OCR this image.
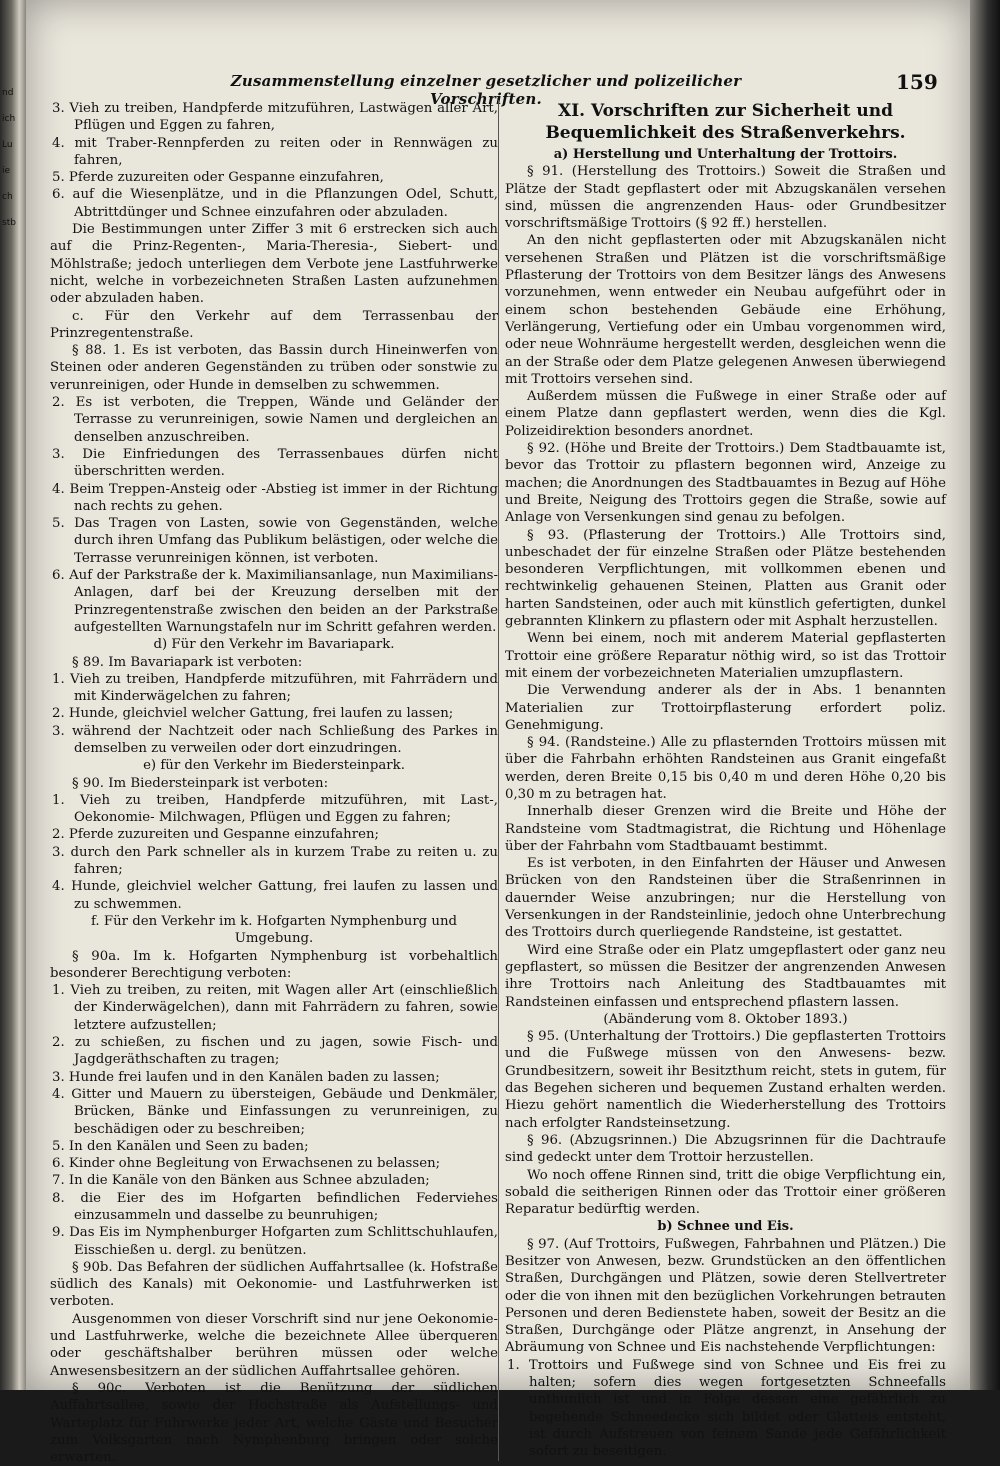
nd
ich
Lu
ie
ch
stb
Zusammenstellung einzelner gesetzlicher und polizeilicher Vorschriften.
159

3. Vieh zu treiben, Handpferde mitzuführen, Lastwägen aller Art, Pflügen und Eggen zu fahren,

4. mit Traber-Rennpferden zu reiten oder in Rennwägen zu fahren,

5. Pferde zuzureiten oder Gespanne einzufahren,

6. auf die Wiesenplätze, und in die Pflanzungen Odel, Schutt, Abtrittdünger und Schnee einzufahren oder abzuladen.

Die Bestimmungen unter Ziffer 3 mit 6 erstrecken sich auch auf die Prinz-Regenten-, Maria-Theresia-, Siebert- und Möhlstraße; jedoch unterliegen dem Verbote jene Lastfuhrwerke nicht, welche in vorbezeichneten Straßen Lasten aufzunehmen oder abzuladen haben.

c. Für den Verkehr auf dem Terrassenbau der Prinzregentenstraße.

§ 88. 1. Es ist verboten, das Bassin durch Hineinwerfen von Steinen oder anderen Gegenständen zu trüben oder sonstwie zu verunreinigen, oder Hunde in demselben zu schwemmen.

2. Es ist verboten, die Treppen, Wände und Geländer der Terrasse zu verunreinigen, sowie Namen und dergleichen an denselben anzuschreiben.

3. Die Einfriedungen des Terrassenbaues dürfen nicht überschritten werden.

4. Beim Treppen-Ansteig oder -Abstieg ist immer in der Richtung nach rechts zu gehen.

5. Das Tragen von Lasten, sowie von Gegenständen, welche durch ihren Umfang das Publikum belästigen, oder welche die Terrasse verunreinigen können, ist verboten.

6. Auf der Parkstraße der k. Maximiliansanlage, nun Maximilians-Anlagen, darf bei der Kreuzung derselben mit der Prinzregentenstraße zwischen den beiden an der Parkstraße aufgestellten Warnungstafeln nur im Schritt gefahren werden.

d) Für den Verkehr im Bavariapark.

§ 89. Im Bavariapark ist verboten:

1. Vieh zu treiben, Handpferde mitzuführen, mit Fahrrädern und mit Kinderwägelchen zu fahren;

2. Hunde, gleichviel welcher Gattung, frei laufen zu lassen;

3. während der Nachtzeit oder nach Schließung des Parkes in demselben zu verweilen oder dort einzudringen.

e) für den Verkehr im Biedersteinpark.

§ 90. Im Biedersteinpark ist verboten:

1. Vieh zu treiben, Handpferde mitzuführen, mit Last-, Oekonomie- Milchwagen, Pflügen und Eggen zu fahren;

2. Pferde zuzureiten und Gespanne einzufahren;

3. durch den Park schneller als in kurzem Trabe zu reiten u. zu fahren;

4. Hunde, gleichviel welcher Gattung, frei laufen zu lassen und zu schwemmen.

f. Für den Verkehr im k. Hofgarten Nymphenburg und Umgebung.

§ 90a. Im k. Hofgarten Nymphenburg ist vorbehaltlich besonderer Berechtigung verboten:

1. Vieh zu treiben, zu reiten, mit Wagen aller Art (einschließlich der Kinderwägelchen), dann mit Fahrrädern zu fahren, sowie letztere aufzustellen;

2. zu schießen, zu fischen und zu jagen, sowie Fisch- und Jagdgeräthschaften zu tragen;

3. Hunde frei laufen und in den Kanälen baden zu lassen;

4. Gitter und Mauern zu übersteigen, Gebäude und Denkmäler, Brücken, Bänke und Einfassungen zu verunreinigen, zu beschädigen oder zu beschreiben;

5. In den Kanälen und Seen zu baden;

6. Kinder ohne Begleitung von Erwachsenen zu belassen;

7. In die Kanäle von den Bänken aus Schnee abzuladen;

8. die Eier des im Hofgarten befindlichen Federviehes einzusammeln und dasselbe zu beunruhigen;

9. Das Eis im Nymphenburger Hofgarten zum Schlittschuhlaufen, Eisschießen u. dergl. zu benützen.

§ 90b. Das Befahren der südlichen Auffahrtsallee (k. Hofstraße südlich des Kanals) mit Oekonomie- und Lastfuhrwerken ist verboten.

Ausgenommen von dieser Vorschrift sind nur jene Oekonomie- und Lastfuhrwerke, welche die bezeichnete Allee überqueren oder geschäftshalber berühren müssen oder welche Anwesensbesitzern an der südlichen Auffahrtsallee gehören.

§ 90c. Verboten ist die Benützung der südlichen Auffahrtsallee, sowie der Hochstraße als Aufstellungs- und Warteplatz für Fuhrwerke jeder Art, welche Gäste und Besucher zum Volksgarten nach Nymphenburg bringen oder solche erwarten.

XI. Vorschriften zur Sicherheit und Bequemlichkeit des Straßenverkehrs.

a) Herstellung und Unterhaltung der Trottoirs.

§ 91. (Herstellung des Trottoirs.) Soweit die Straßen und Plätze der Stadt gepflastert oder mit Abzugskanälen versehen sind, müssen die angrenzenden Haus- oder Grundbesitzer vorschriftsmäßige Trottoirs (§ 92 ff.) herstellen.

An den nicht gepflasterten oder mit Abzugskanälen nicht versehenen Straßen und Plätzen ist die vorschriftsmäßige Pflasterung der Trottoirs von dem Besitzer längs des Anwesens vorzunehmen, wenn entweder ein Neubau aufgeführt oder in einem schon bestehenden Gebäude eine Erhöhung, Verlängerung, Vertiefung oder ein Umbau vorgenommen wird, oder neue Wohnräume hergestellt werden, desgleichen wenn die an der Straße oder dem Platze gelegenen Anwesen überwiegend mit Trottoirs versehen sind.

Außerdem müssen die Fußwege in einer Straße oder auf einem Platze dann gepflastert werden, wenn dies die Kgl. Polizeidirektion besonders anordnet.

§ 92. (Höhe und Breite der Trottoirs.) Dem Stadtbauamte ist, bevor das Trottoir zu pflastern begonnen wird, Anzeige zu machen; die Anordnungen des Stadtbauamtes in Bezug auf Höhe und Breite, Neigung des Trottoirs gegen die Straße, sowie auf Anlage von Versenkungen sind genau zu befolgen.

§ 93. (Pflasterung der Trottoirs.) Alle Trottoirs sind, unbeschadet der für einzelne Straßen oder Plätze bestehenden besonderen Verpflichtungen, mit vollkommen ebenen und rechtwinkelig gehauenen Steinen, Platten aus Granit oder harten Sandsteinen, oder auch mit künstlich gefertigten, dunkel gebrannten Klinkern zu pflastern oder mit Asphalt herzustellen.

Wenn bei einem, noch mit anderem Material gepflasterten Trottoir eine größere Reparatur nöthig wird, so ist das Trottoir mit einem der vorbezeichneten Materialien umzupflastern.

Die Verwendung anderer als der in Abs. 1 benannten Materialien zur Trottoirpflasterung erfordert poliz. Genehmigung.

§ 94. (Randsteine.) Alle zu pflasternden Trottoirs müssen mit über die Fahrbahn erhöhten Randsteinen aus Granit eingefaßt werden, deren Breite 0,15 bis 0,40 m und deren Höhe 0,20 bis 0,30 m zu betragen hat.

Innerhalb dieser Grenzen wird die Breite und Höhe der Randsteine vom Stadtmagistrat, die Richtung und Höhenlage über der Fahrbahn vom Stadtbauamt bestimmt.

Es ist verboten, in den Einfahrten der Häuser und Anwesen Brücken von den Randsteinen über die Straßenrinnen in dauernder Weise anzubringen; nur die Herstellung von Versenkungen in der Randsteinlinie, jedoch ohne Unterbrechung des Trottoirs durch querliegende Randsteine, ist gestattet.

Wird eine Straße oder ein Platz umgepflastert oder ganz neu gepflastert, so müssen die Besitzer der angrenzenden Anwesen ihre Trottoirs nach Anleitung des Stadtbauamtes mit Randsteinen einfassen und entsprechend pflastern lassen.

(Abänderung vom 8. Oktober 1893.)

§ 95. (Unterhaltung der Trottoirs.) Die gepflasterten Trottoirs und die Fußwege müssen von den Anwesens- bezw. Grundbesitzern, soweit ihr Besitzthum reicht, stets in gutem, für das Begehen sicheren und bequemen Zustand erhalten werden. Hiezu gehört namentlich die Wiederherstellung des Trottoirs nach erfolgter Randsteinsetzung.

§ 96. (Abzugsrinnen.) Die Abzugsrinnen für die Dachtraufe sind gedeckt unter dem Trottoir herzustellen.

Wo noch offene Rinnen sind, tritt die obige Verpflichtung ein, sobald die seitherigen Rinnen oder das Trottoir einer größeren Reparatur bedürftig werden.

b) Schnee und Eis.

§ 97. (Auf Trottoirs, Fußwegen, Fahrbahnen und Plätzen.) Die Besitzer von Anwesen, bezw. Grundstücken an den öffentlichen Straßen, Durchgängen und Plätzen, sowie deren Stellvertreter oder die von ihnen mit den bezüglichen Vorkehrungen betrauten Personen und deren Bedienstete haben, soweit der Besitz an die Straßen, Durchgänge oder Plätze angrenzt, in Ansehung der Abräumung von Schnee und Eis nachstehende Verpflichtungen:

1. Trottoirs und Fußwege sind von Schnee und Eis frei zu halten; sofern dies wegen fortgesetzten Schneefalls unthunlich ist und in Folge dessen eine gefährlich zu begehende Schneedecke sich bildet oder Glatteis entsteht, ist durch Aufstreuen von feinem Sande jede Gefährlichkeit sofort zu beseitigen.
